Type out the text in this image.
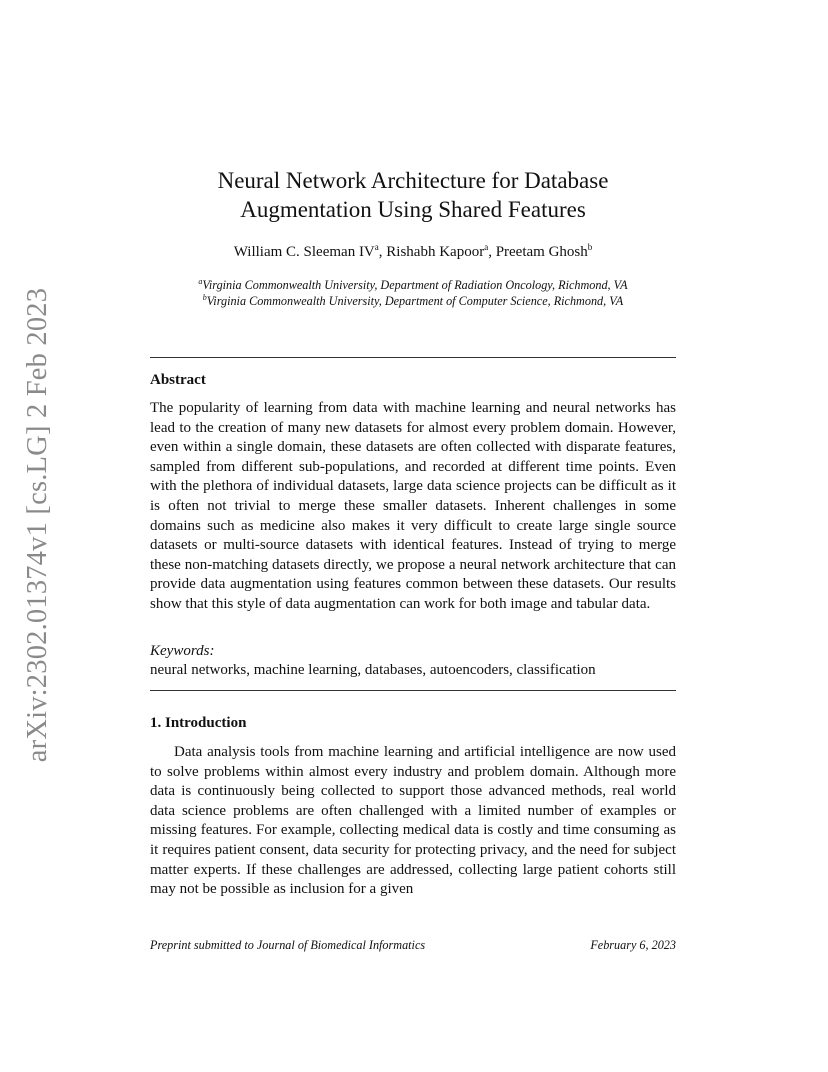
arXiv:2302.01374v1 [cs.LG] 2 Feb 2023
Neural Network Architecture for Database
Augmentation Using Shared Features
William C. Sleeman $IV^a$, Rishabh Kapoor$^a$, Preetam Ghosh$^b$
$^a$Virginia Commonwealth University, Department of Radiation Oncology, Richmond, VA
$^b$Virginia Commonwealth University, Department of Computer Science, Richmond, VA
Abstract
The popularity of learning from data with machine learning and neural networks has lead to the creation of many new datasets for almost every problem domain. However, even within a single domain, these datasets are often collected with disparate features, sampled from different sub-populations, and recorded at different time points. Even with the plethora of individual datasets, large data science projects can be difficult as it is often not trivial to merge these smaller datasets. Inherent challenges in some domains such as medicine also makes it very difficult to create large single source datasets or multi-source datasets with identical features. Instead of trying to merge these non-matching datasets directly, we propose a neural network architecture that can provide data augmentation using features common between these datasets. Our results show that this style of data augmentation can work for both image and tabular data.
Keywords:
neural networks, machine learning, databases, autoencoders, classification
1. Introduction
Data analysis tools from machine learning and artificial intelligence are now used to solve problems within almost every industry and problem domain. Although more data is continuously being collected to support those advanced methods, real world data science problems are often challenged with a limited number of examples or missing features. For example, collecting medical data is costly and time consuming as it requires patient consent, data security for protecting privacy, and the need for subject matter experts. If these challenges are addressed, collecting large patient cohorts still may not be possible as inclusion for a given
Preprint submitted to Journal of Biomedical Informatics	February 6, 2023
